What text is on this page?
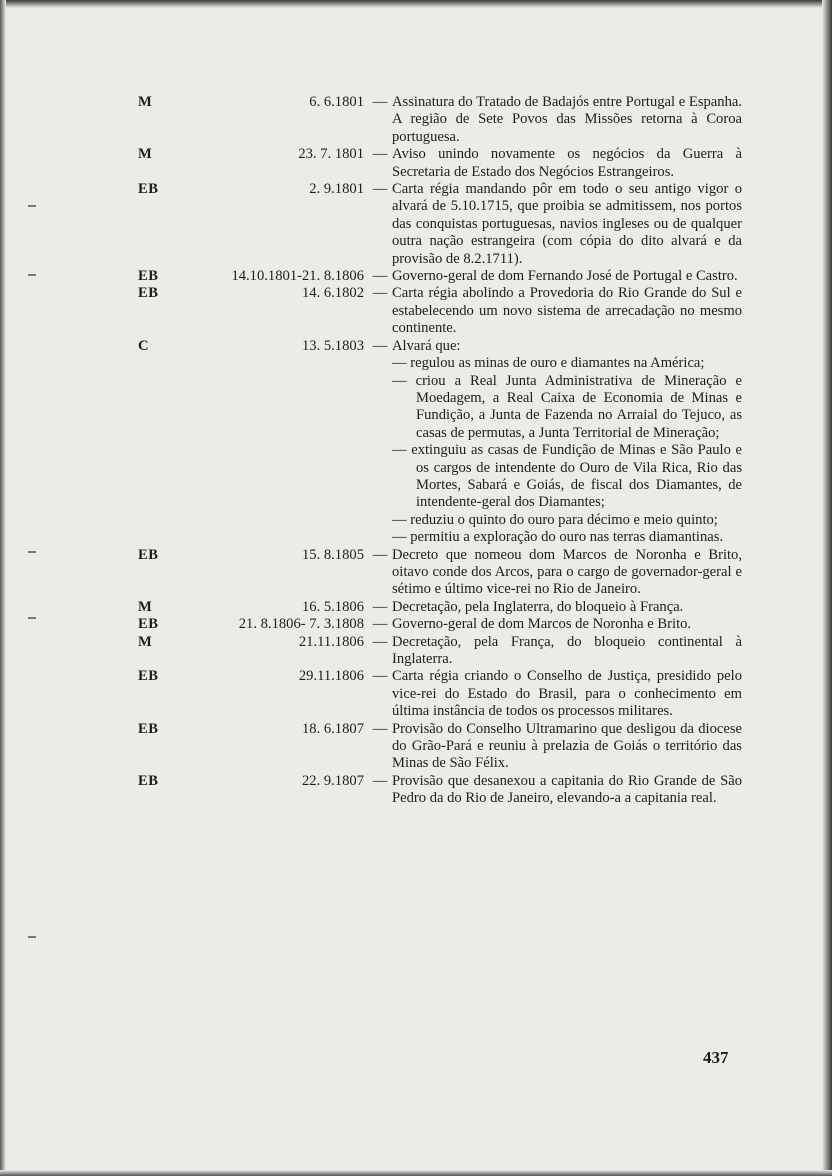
M	6. 6.1801 — Assinatura do Tratado de Badajós entre Portugal e Espanha. A região de Sete Povos das Missões retorna à Coroa portuguesa.
M	23. 7. 1801 — Aviso unindo novamente os negócios da Guerra à Secretaria de Estado dos Negócios Estrangeiros.
EB	2. 9.1801 — Carta régia mandando pôr em todo o seu antigo vigor o alvará de 5.10.1715, que proibia se admitissem, nos portos das conquistas portuguesas, navios ingleses ou de qualquer outra nação estrangeira (com cópia do dito alvará e da provisão de 8.2.1711).
EB	14.10.1801-21. 8.1806 — Governo-geral de dom Fernando José de Portugal e Castro.
EB	14. 6.1802 — Carta régia abolindo a Provedoria do Rio Grande do Sul e estabelecendo um novo sistema de arrecadação no mesmo continente.
C	13. 5.1803 — Alvará que:
— regulou as minas de ouro e diamantes na América;
— criou a Real Junta Administrativa de Mineração e Moedagem, a Real Caixa de Economia de Minas e Fundição, a Junta de Fazenda no Arraial do Tejuco, as casas de permutas, a Junta Territorial de Mineração;
— extinguiu as casas de Fundição de Minas e São Paulo e os cargos de intendente do Ouro de Vila Rica, Rio das Mortes, Sabará e Goiás, de fiscal dos Diamantes, de intendente-geral dos Diamantes;
— reduziu o quinto do ouro para décimo e meio quinto;
— permitiu a exploração do ouro nas terras diamantinas.
EB	15. 8.1805 — Decreto que nomeou dom Marcos de Noronha e Brito, oitavo conde dos Arcos, para o cargo de governador-geral e sétimo e último vice-rei no Rio de Janeiro.
M	16. 5.1806 — Decretação, pela Inglaterra, do bloqueio à França.
EB	21. 8.1806- 7. 3.1808 — Governo-geral de dom Marcos de Noronha e Brito.
M	21.11.1806 — Decretação, pela França, do bloqueio continental à Inglaterra.
EB	29.11.1806 — Carta régia criando o Conselho de Justiça, presidido pelo vice-rei do Estado do Brasil, para o conhecimento em última instância de todos os processos militares.
EB	18. 6.1807 — Provisão do Conselho Ultramarino que desligou da diocese do Grão-Pará e reuniu à prelazia de Goiás o território das Minas de São Félix.
EB	22. 9.1807 — Provisão que desanexou a capitania do Rio Grande de São Pedro da do Rio de Janeiro, elevando-a a capitania real.
437
